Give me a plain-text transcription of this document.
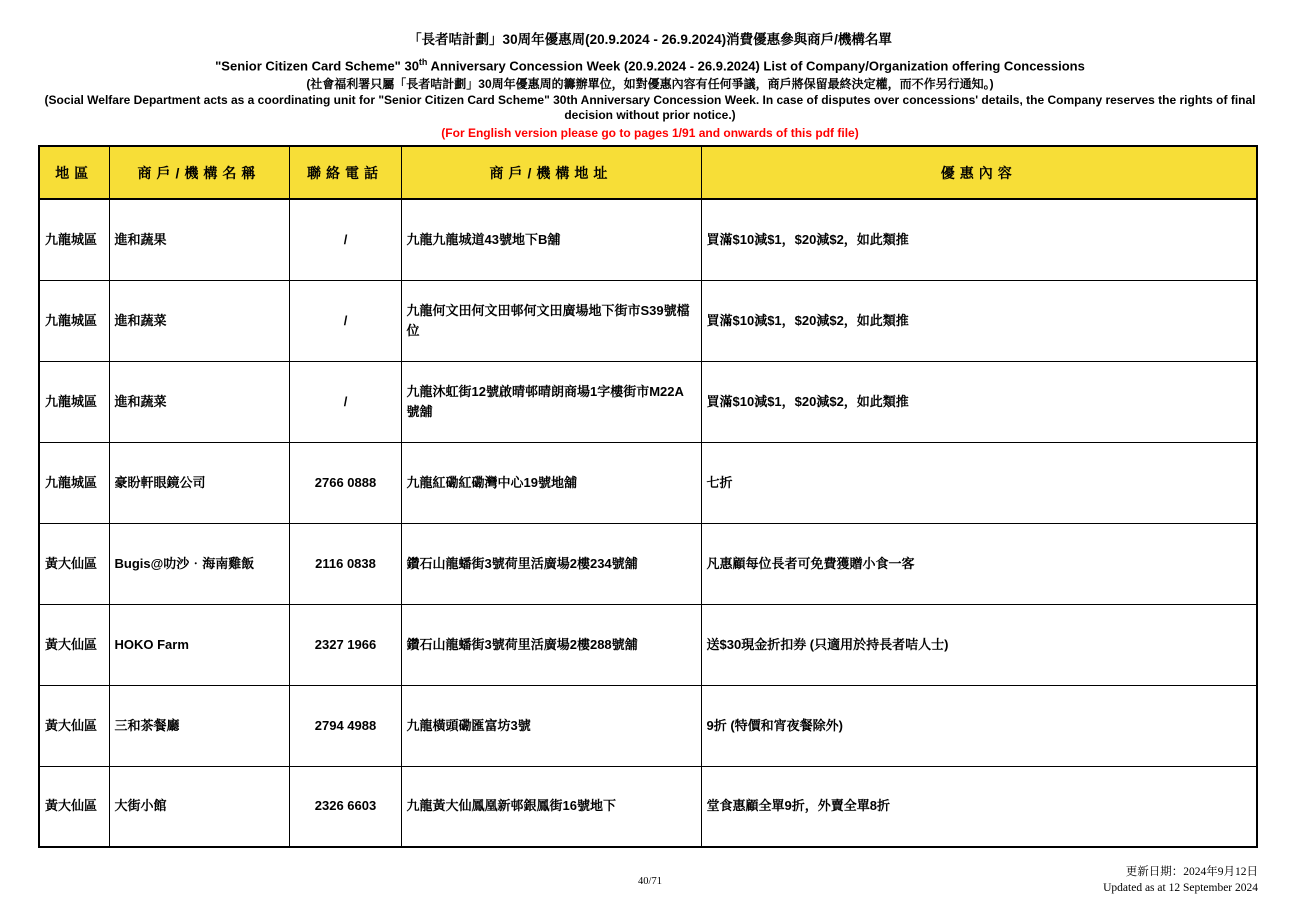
「長者咭計劃」30周年優惠周(20.9.2024 - 26.9.2024)消費優惠參與商戶/機構名單
"Senior Citizen Card Scheme" 30th Anniversary Concession Week (20.9.2024 - 26.9.2024) List of Company/Organization offering Concessions
(社會福利署只屬「長者咭計劃」30周年優惠周的籌辦單位，如對優惠內容有任何爭議，商戶將保留最終決定權，而不作另行通知。)
(Social Welfare Department acts as a coordinating unit for "Senior Citizen Card Scheme" 30th Anniversary Concession Week. In case of disputes over concessions' details, the Company reserves the rights of final decision without prior notice.)
(For English version please go to pages 1/91 and onwards of this pdf file)
地區	商戶/機構名稱	聯絡電話	商戶/機構地址	優惠內容
九龍城區	進和蔬果	/	九龍九龍城道43號地下B舖	買滿$10減$1，$20減$2，如此類推
九龍城區	進和蔬菜	/	九龍何文田何文田邨何文田廣場地下街市S39號檔位	買滿$10減$1，$20減$2，如此類推
九龍城區	進和蔬菜	/	九龍沐虹街12號啟晴邨晴朗商場1字樓街市M22A號舖	買滿$10減$1，$20減$2，如此類推
九龍城區	豪盼軒眼鏡公司	2766 0888	九龍紅磡紅磡灣中心19號地舖	七折
黃大仙區	Bugis@叻沙‧海南雞飯	2116 0838	鑽石山龍蟠街3號荷里活廣場2樓234號舖	凡惠顧每位長者可免費獲贈小食一客
黃大仙區	HOKO Farm	2327 1966	鑽石山龍蟠街3號荷里活廣場2樓288號舖	送$30現金折扣券 (只適用於持長者咭人士)
黃大仙區	三和茶餐廳	2794 4988	九龍橫頭磡匯富坊3號	9折 (特價和宵夜餐除外)
黃大仙區	大街小館	2326 6603	九龍黃大仙鳳凰新邨銀鳳街16號地下	堂食惠顧全單9折，外賣全單8折
40/71
更新日期：2024年9月12日
Updated as at 12 September 2024
